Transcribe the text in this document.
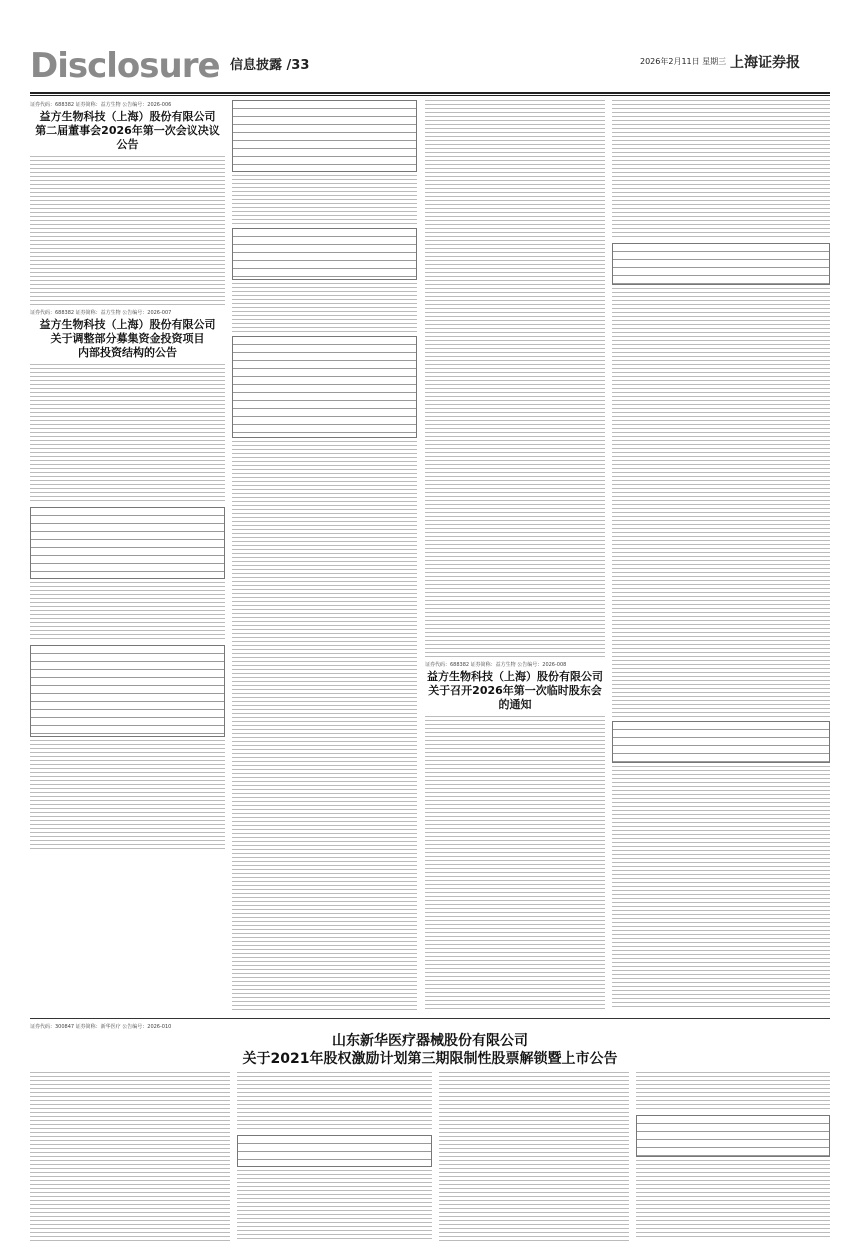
Disclosure 信息披露 /33	2026年2月11日 星期三 上海证券报
证券代码：688382 证券简称：益方生物 公告编号：2026-006
益方生物科技（上海）股份有限公司
第二届董事会2026年第一次会议决议公告
证券代码：688382 证券简称：益方生物 公告编号：2026-007
益方生物科技（上海）股份有限公司
关于调整部分募集资金投资项目
内部投资结构的公告
证券代码：688382 证券简称：益方生物 公告编号：2026-008
益方生物科技（上海）股份有限公司
关于召开2026年第一次临时股东会的通知
证券代码：300847 证券简称：新华医疗 公告编号：2026-010
山东新华医疗器械股份有限公司
关于2021年股权激励计划第三期限制性股票解锁暨上市公告
